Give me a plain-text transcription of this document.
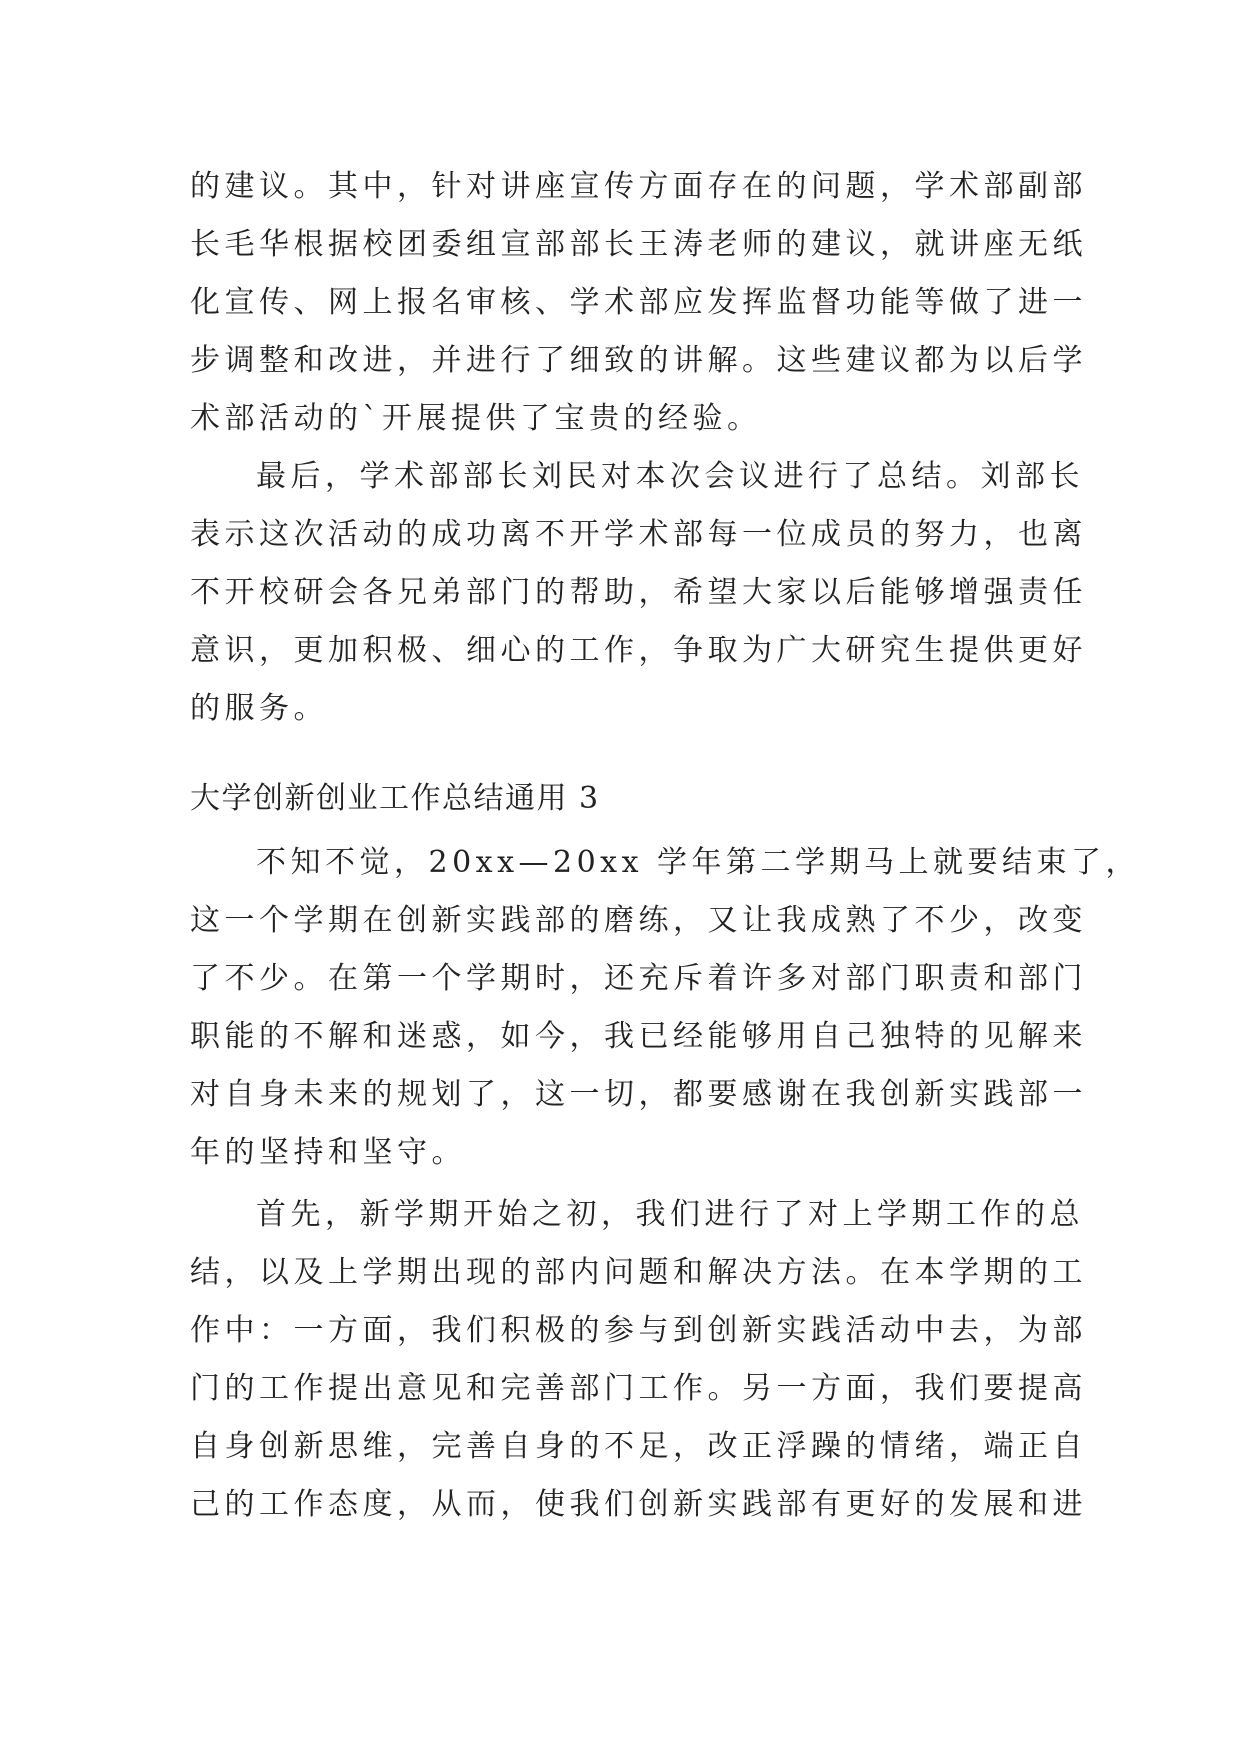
的建议。其中，针对讲座宣传方面存在的问题，学术部副部
长毛华根据校团委组宣部部长王涛老师的建议，就讲座无纸
化宣传、网上报名审核、学术部应发挥监督功能等做了进一
步调整和改进，并进行了细致的讲解。这些建议都为以后学
术部活动的`开展提供了宝贵的经验。
最后，学术部部长刘民对本次会议进行了总结。刘部长
表示这次活动的成功离不开学术部每一位成员的努力，也离
不开校研会各兄弟部门的帮助，希望大家以后能够增强责任
意识，更加积极、细心的工作，争取为广大研究生提供更好
的服务。
大学创新创业工作总结通用 3
不知不觉，20xx—20xx 学年第二学期马上就要结束了，
这一个学期在创新实践部的磨练，又让我成熟了不少，改变
了不少。在第一个学期时，还充斥着许多对部门职责和部门
职能的不解和迷惑，如今，我已经能够用自己独特的见解来
对自身未来的规划了，这一切，都要感谢在我创新实践部一
年的坚持和坚守。
首先，新学期开始之初，我们进行了对上学期工作的总
结，以及上学期出现的部内问题和解决方法。在本学期的工
作中：一方面，我们积极的参与到创新实践活动中去，为部
门的工作提出意见和完善部门工作。另一方面，我们要提高
自身创新思维，完善自身的不足，改正浮躁的情绪，端正自
己的工作态度，从而，使我们创新实践部有更好的发展和进
